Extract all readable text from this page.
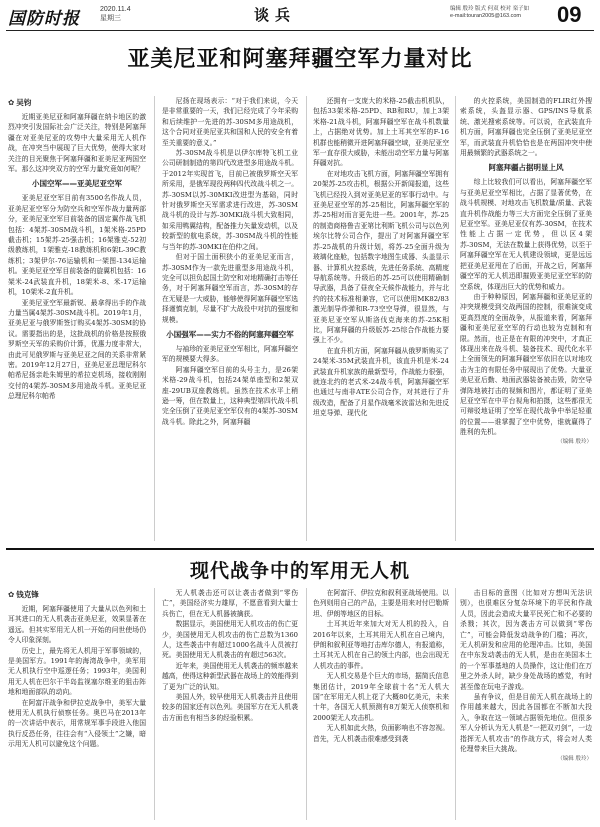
国防时报	2020.11.4
星期三	谈兵	编辑 殷玲 版式 何双 校对 栾子如
e-mail:touran2005@163.com	09
亚美尼亚和阿塞拜疆空军力量对比
✿ 吴钧

近期亚美尼亚和阿塞拜疆在纳卡地区的激烈冲突引发国际社会广泛关注，特别是阿塞拜疆在对亚美尼亚的攻势中大量采用无人机作战，在冲突当中展现了巨大优势，使得大家对关注的目光聚焦于阿塞拜疆和亚美尼亚两国空军。那么这冲突双方的空军力量究竟如何呢？

小国空军——亚美尼亚空军

亚美尼亚空军目前有3500名作战人员，亚美尼亚空军分为防空兵和空军作战力量两部分，亚美尼亚空军目前装备的固定翼作战飞机包括：4架苏-30SM战斗机，1架米格-25PD截击机；15架苏-25强击机；16架雅克-52初级教练机，1架雅克-18教练机和6架L-39C教练机；3架伊尔-76运输机和一架图-134运输机。亚美尼亚空军目前装备的旋翼机包括：16架米-24武装直升机，18架米-8、米-17运输机，10架米-2直升机。

亚美尼亚空军最新锐、最拿得出手的作战力量当属4架苏-30SM战斗机。2019年1月，亚美尼亚与俄罗斯签订购买4架苏-30SM的协议。需要指出的是，这批战机的价格是按照俄罗斯空天军的采购价计算，优惠力度非常大，由此可见俄罗斯与亚美尼亚之间的关系非常紧密。2019年12月27日，亚美尼亚总理尼科尔帕希尼扬亲赴朱姆里的希拉克机场，接收刚刚交付的4架苏-30SM多用途战斗机。亚美尼亚总理尼科尔帕希

尼扬在现场表示：“对于我们来说，今天是非常重要的一天，我们已经完成了今年采购和后续维护一先进的苏-30SM多用途战机，这个合同对亚美尼亚共和国和人民的安全有着至关重要的意义。”

苏-30SM战斗机是以伊尔库特飞机工业公司研制制造的第四代改进型多用途战斗机。于2012年实现首飞，目前已被俄罗斯空天军所采用，是俄军现役两种四代改战斗机之一。苏-30SM以苏-30MKI改进型为基础，同时针对俄罗斯空天军需求进行改进，苏-30SM战斗机的设计与苏-30MKI战斗机大致相同，如采用鸭翼结构，配备推力矢量发动机，以及较新型的航电系统，苏-30SM战斗机的性能与当年的苏-30MKI在伯仲之间。

但对于国土面积狭小的亚美尼亚而言，苏-30SM作为一款先进重型多用途战斗机，完全可以担负起国土防空和对地精确打击等任务，对于阿塞拜疆空军而言，苏-30SM的存在无疑是一大威胁，能够使得阿塞拜疆空军选择谨慎克制，尽量不扩大战役中对抗的强度和规模。

小国强军——实力不俗的阿塞拜疆空军

与袖珍的亚美尼亚空军相比，阿塞拜疆空军的规模要大得多。

阿塞拜疆空军目前的头号主力，是26架米格-29战斗机，包括24架单座型和2架双座-29UB双座教练机。虽然在技术水平上稍逊一筹，但在数量上，这种典型第四代战斗机完全压倒了亚美尼亚空军仅有的4架苏-30SM战斗机。除此之外，阿塞拜疆

还拥有一支庞大的米格-25截击机机队，包括33架米格-25PD、RB和RU，加上3架米格-21战斗机，阿塞拜疆空军在战斗机数量上，占据绝对优势。加上土耳其空军的F-16机群也能稍微开进阿塞拜疆空域，亚美尼亚空军一直存很大威胁，未能出动空军力量与阿塞拜疆对抗。

在对地攻击飞机方面，阿塞拜疆空军拥有20架苏-25攻击机，根据公开新闻报道，这些飞机已经投入到对亚美尼亚的军事行动中。与亚美尼亚空军的苏-25相比，阿塞拜疆空军的苏-25相对而言更先进一些。2001年，苏-25的制造商格鲁吉亚第比利斯飞机公司与以色列埃尔比特公司合作，提出了对阿塞拜疆空军苏-25战机的升级计划，将苏-25全面升级为玻璃化座舱，包括数字地图生成器、头盖显示器、计算机火控系统，先进任务系统、高精度导航系统等。升级后的苏-25可以使用精确制导武器，具备了昼夜全天候作战能力，并与北约的技术标准相兼容，它可以使用MK82/83激光制导炸弹和R-73空空导弹，很显然，与亚美尼亚空军从斯洛伐克海来的苏-25K相比，阿塞拜疆的升级版苏-25综合作战能力要强上不少。

在直升机方面，阿塞拜疆从俄罗斯购买了24架米-35M武装直升机，该直升机是米-24武装直升机家族的最新型号，作战能力很强，就连北约的老式米-24战斗机，阿塞拜疆空军也通过与南非ATE公司合作，对其进行了升级改造，配备了月星作战毫米波雷达和先进反坦克导弹、现代化

的火控系统，美国制造的FLIR红外搜索系统，头盔显示器、GPS/INS导航系统、激光搜索系统等。可以说，在武装直升机方面，阿塞拜疆也完全压倒了亚美尼亚空军，而武装直升机恰恰也是在两国冲突中使用最频繁的武器系统之一。

阿塞拜疆占据明显上风

综上比较我们可以看出，阿塞拜疆空军与亚美尼亚空军相比，占据了显著优势，在战斗机规模、对地攻击飞机数量/质量、武装直升机作战能力等三大方面完全压倒了亚美尼亚空军。亚美尼亚仅有苏-30SM，在技术性能上占据一定优势，但以区4架苏-30SM，无法在数量上获得优势，以至于阿塞拜疆空军在无人机建设领域，更是远远把亚美尼亚甩在了后面，开战之后，阿塞拜疆空军的无人机迅即摧毁亚美尼亚空军的防空系统，体现出巨大的优势和威力。

由于种种原因，阿塞拜疆和亚美尼亚的冲突规模受到交战两国的控制，很难演变成更高烈度的全面战争，从报道来看，阿塞拜疆和亚美尼亚空军的行动也较为克制和有限。然而，也正是在有限的冲突中，才真正体现出来在战斗机、装备技术、现代化水平上全面领先的阿塞拜疆空军依旧在以对地攻击为主的有限任务中展现出了优势。大量亚美尼亚后勤、地面武器装备被击毁，防空导弹阵地被打击的视频和图片，都证明了亚美尼亚空军在中平台视角和拍摄，这些都很无可辩驳地证明了空军在现代战争中举足轻重的位置——谁掌握了空中优势，谁就赢得了胜利的先机。

（编辑 殷玲）
现代战争中的军用无人机
✿ 钱克锋

近期，阿塞拜疆使用了大量从以色列和土耳其进口的无人机袭击亚美尼亚，效果显著在遥远。但其实军用无人机一开始的问世使场仍令人印象深刻。

历史上，最先将无人机用于军事领域的，是美国军方。1991年的海湾战争中，美军用无人机执行空中巡逻任务；1993年，美国利用无人机在巴尔干半岛监视塞尔维亚的狙击阵地和地面部队的动向。

在阿富汗战争和伊拉克战争中，美军大量使用无人机执行侦察任务。奥巴马在2013年的一次讲话中表示，用常规军事手段进入他国执行反恐任务，往往会有“入侵领土”之嫌，暗示用无人机可以避免这个问题。

无人机袭击还可以让袭击者做到“零伤亡”，美国经济实力雄厚，不愿意看到大量士兵伤亡，但在无人机器被擒获。

数据显示，美国使用无人机攻击的伤亡更少，美国使用无人机攻击的伤亡总数为1360人，这些袭击中有超过1000名战斗人员被打死。美国使用无人机袭击的有超过563次。

近年来，美国使用无人机袭击的频率越来越高，使得这种新型武器在战场上的效能得到了更为广泛的认知。

美国人外，较早使用无人机袭击并且使用较多的国家还有以色列。美国军方在无人机袭击方面也有相当多的经验积累。

在阿富汗、伊拉克和叙利亚战场使用。以色列则用自己的产品，主要是用来对付巴勒斯坦、伊朗等地区的目标。

土耳其近年来加大对无人机的投入，自2016年以来，土耳其用无人机在自己境内，伊朗和叙利亚等地打击库尔德人，有报道称，土耳其无人机在自己的领土内部，也会出现无人机攻击的事件。

无人机交易是个巨大的市场，据简氏信息集团估计，2019年全球前十名“无人机大国”在军用无人机上花了大概80亿美元，未来十年，各国无人机预测有8万架无人侦察机和2000架无人攻击机。

无人机如此火热，负面影响也不容忽视。首先，无人机袭击很难感受到袭

击目标的意图（比如对方想叫无法识别），也很难区分复杂环境下的平民和作战人员，因此会造成大量平民死亡和不必要的杀戮；其次，因为袭击方可以做到“零伤亡”，可能会降低发动战争的门槛；再次，无人机研发和应用的伦理冲击。比如，美国在中东发动袭击的无人机，是由在美国本土的一个军事基地的人员操作，这让他们在万里之外杀人时，缺少身处战场的感觉，有时甚至像在玩电子游戏。

虽有争议，但是目前无人机在战场上的作用越来越大，因此各国都在不断加大投入，争取在这一领域占据领先地位。但很多军人分析认为无人机是“一把双刃剑”，一边指挥无人机攻击“的作战方式，将会对人类伦理带来巨大挑战。

（编辑 殷玲）
